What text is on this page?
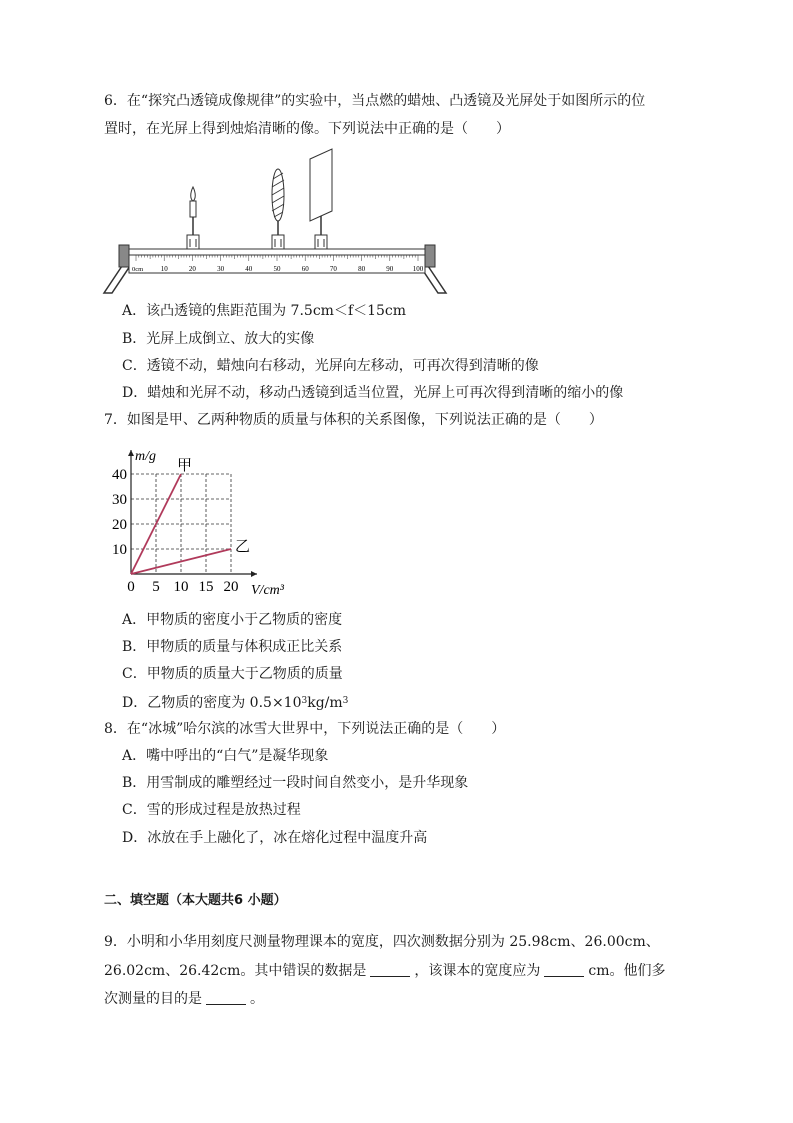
6．在“探究凸透镜成像规律”的实验中，当点燃的蜡烛、凸透镜及光屏处于如图所示的位
置时，在光屏上得到烛焰清晰的像。下列说法中正确的是（　　）
0cm 10	20	30	40	50	60	70	80	90	100
A．该凸透镜的焦距范围为 7.5cm＜f＜15cm
B．光屏上成倒立、放大的实像
C．透镜不动，蜡烛向右移动，光屏向左移动，可再次得到清晰的像
D．蜡烛和光屏不动，移动凸透镜到适当位置，光屏上可再次得到清晰的缩小的像
7．如图是甲、乙两种物质的质量与体积的关系图像，下列说法正确的是（　　）
0 5 10 15 20
10
20
30
40
m/g
V/cm³
甲
乙
A．甲物质的密度小于乙物质的密度
B．甲物质的质量与体积成正比关系
C．甲物质的质量大于乙物质的质量
D．乙物质的密度为 $0.5\times 10^3kg/m^3$
8．在“冰城”哈尔滨的冰雪大世界中，下列说法正确的是（　　）
A．嘴中呼出的“白气”是凝华现象
B．用雪制成的雕塑经过一段时间自然变小，是升华现象
C．雪的形成过程是放热过程
D．冰放在手上融化了，冰在熔化过程中温度升高
二、填空题（本大题共6 小题）
9．小明和小华用刻度尺测量物理课本的宽度，四次测数据分别为 25.98cm、26.00cm、
26.02cm、26.42cm。其中错误的数据是	，该课本的宽度应为	cm。他们多
次测量的目的是	。
